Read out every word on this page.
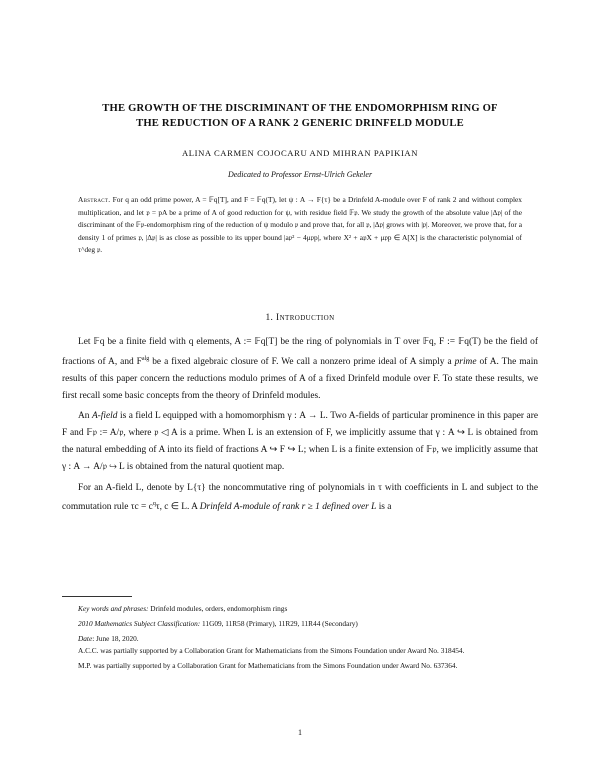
THE GROWTH OF THE DISCRIMINANT OF THE ENDOMORPHISM RING OF
THE REDUCTION OF A RANK 2 GENERIC DRINFELD MODULE
ALINA CARMEN COJOCARU AND MIHRAN PAPIKIAN
Dedicated to Professor Ernst-Ulrich Gekeler
Abstract. For q an odd prime power, A = 𝔽q[T], and F = 𝔽q(T), let ψ : A → F{τ} be a Drinfeld A-module over F of rank 2 and without complex multiplication, and let 𝔭 = pA be a prime of A of good reduction for ψ, with residue field 𝔽𝔭. We study the growth of the absolute value |Δ𝔭| of the discriminant of the 𝔽𝔭-endomorphism ring of the reduction of ψ modulo 𝔭 and prove that, for all 𝔭, |Δ𝔭| grows with |𝔭|. Moreover, we prove that, for a density 1 of primes 𝔭, |Δ𝔭| is as close as possible to its upper bound |a𝔭² − 4μ𝔭p|, where X² + a𝔭X + μ𝔭p ∈ A[X] is the characteristic polynomial of τ^deg 𝔭.
1. Introduction

Let 𝔽q be a finite field with q elements, A := 𝔽q[T] be the ring of polynomials in T over 𝔽q, F := 𝔽q(T) be the field of fractions of A, and $F^{alg}$ be a fixed algebraic closure of F. We call a nonzero prime ideal of A simply a prime of A. The main results of this paper concern the reductions modulo primes of A of a fixed Drinfeld module over F. To state these results, we first recall some basic concepts from the theory of Drinfeld modules.

An A-field is a field L equipped with a homomorphism γ : A → L. Two A-fields of particular prominence in this paper are F and 𝔽𝔭 := A/𝔭, where 𝔭 ◁ A is a prime. When L is an extension of F, we implicitly assume that γ : A ↪ L is obtained from the natural embedding of A into its field of fractions A ↪ F ↪ L; when L is a finite extension of 𝔽𝔭, we implicitly assume that γ : A → A/𝔭 ↪ L is obtained from the natural quotient map.

For an A-field L, denote by L{τ} the noncommutative ring of polynomials in τ with coefficients in L and subject to the commutation rule $\tau c = c^q\tau$, c ∈ L. A Drinfeld A-module of rank r ≥ 1 defined over L is a

Key words and phrases: Drinfeld modules, orders, endomorphism rings

2010 Mathematics Subject Classification: 11G09, 11R58 (Primary), 11R29, 11R44 (Secondary)

Date: June 18, 2020.

A.C.C. was partially supported by a Collaboration Grant for Mathematicians from the Simons Foundation under Award No. 318454.

M.P. was partially supported by a Collaboration Grant for Mathematicians from the Simons Foundation under Award No. 637364.

1
